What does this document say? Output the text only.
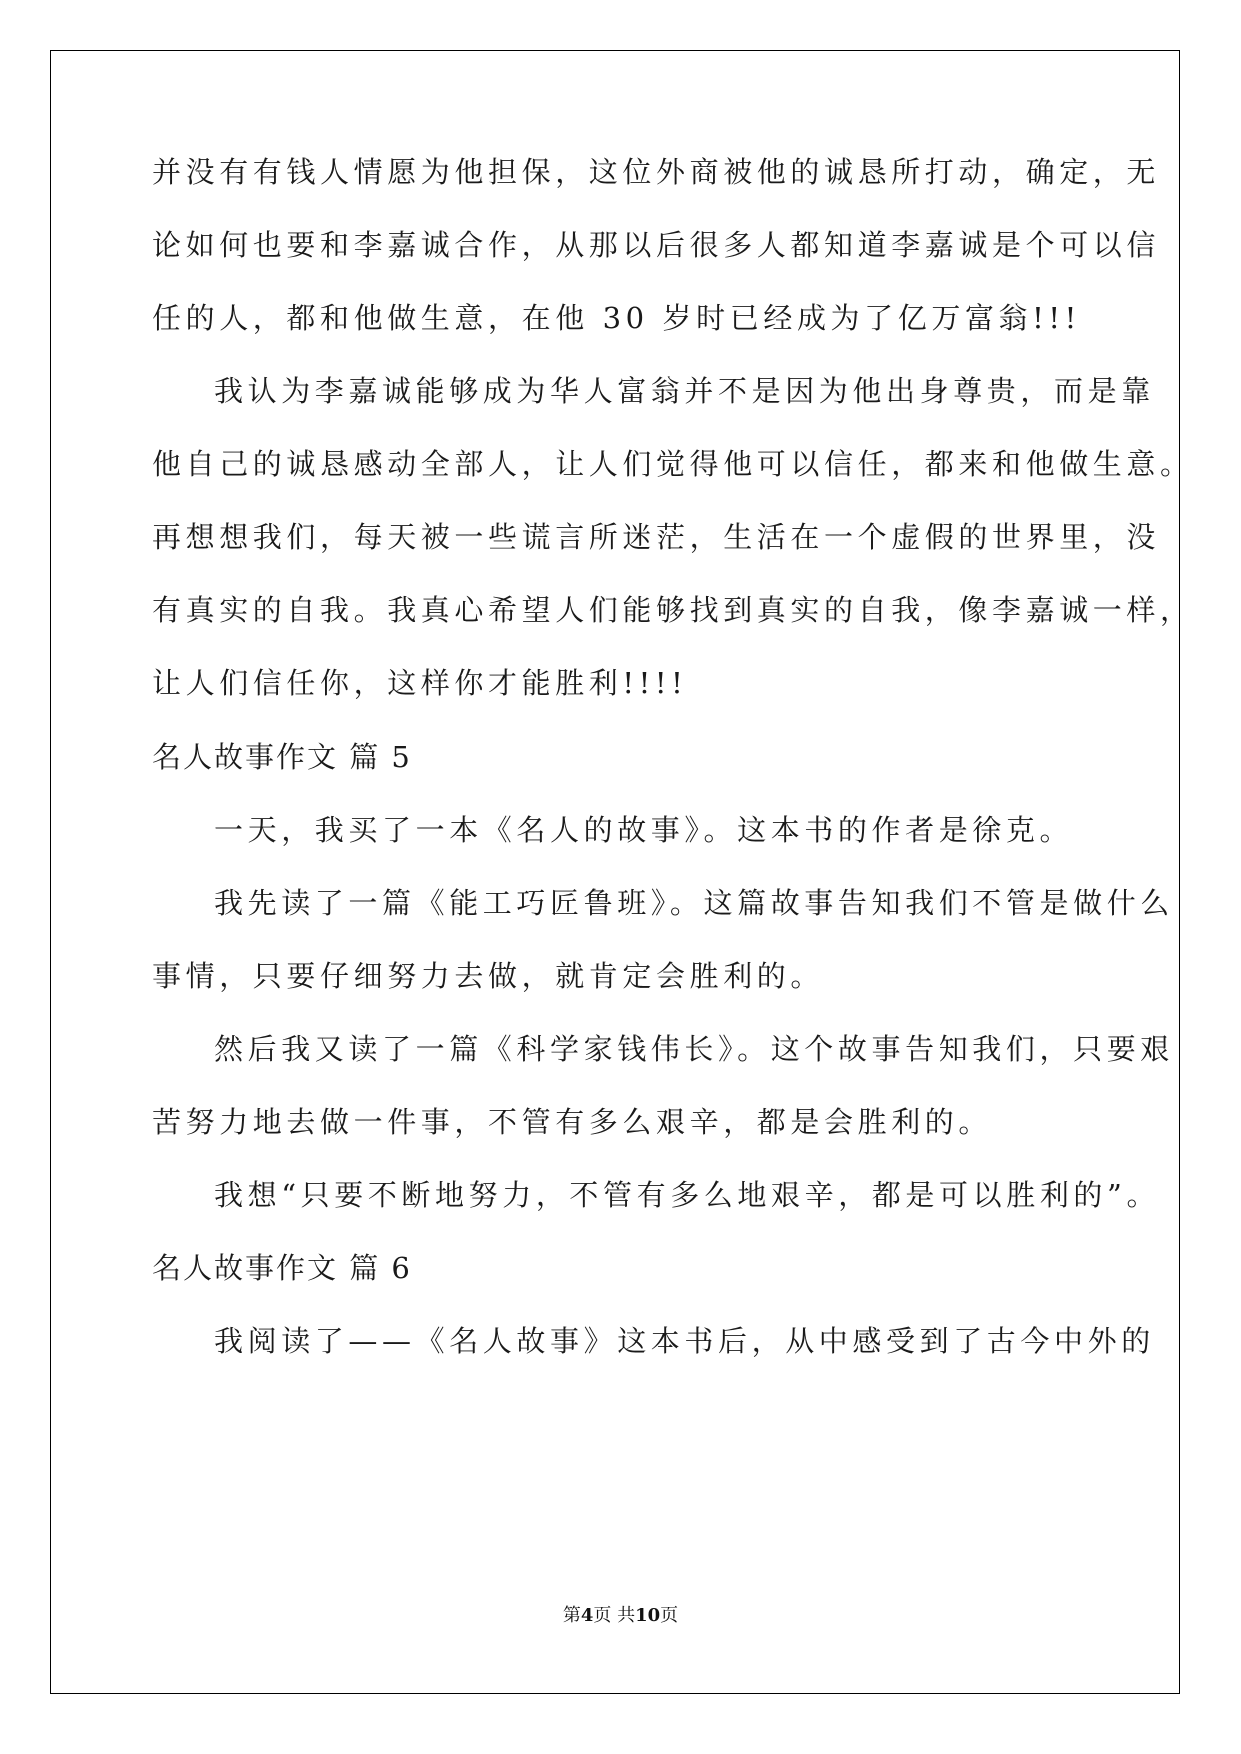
并没有有钱人情愿为他担保，这位外商被他的诚恳所打动，确定，无
论如何也要和李嘉诚合作，从那以后很多人都知道李嘉诚是个可以信
任的人，都和他做生意，在他 30 岁时已经成为了亿万富翁!!!
我认为李嘉诚能够成为华人富翁并不是因为他出身尊贵，而是靠
他自己的诚恳感动全部人，让人们觉得他可以信任，都来和他做生意。
再想想我们，每天被一些谎言所迷茫，生活在一个虚假的世界里，没
有真实的自我。我真心希望人们能够找到真实的自我，像李嘉诚一样，
让人们信任你，这样你才能胜利!!!!
名人故事作文 篇 5
一天，我买了一本《名人的故事》。这本书的作者是徐克。
我先读了一篇《能工巧匠鲁班》。这篇故事告知我们不管是做什么
事情，只要仔细努力去做，就肯定会胜利的。
然后我又读了一篇《科学家钱伟长》。这个故事告知我们，只要艰
苦努力地去做一件事，不管有多么艰辛，都是会胜利的。
我想“只要不断地努力，不管有多么地艰辛，都是可以胜利的”。
名人故事作文 篇 6
我阅读了——《名人故事》这本书后，从中感受到了古今中外的
第4页 共10页
